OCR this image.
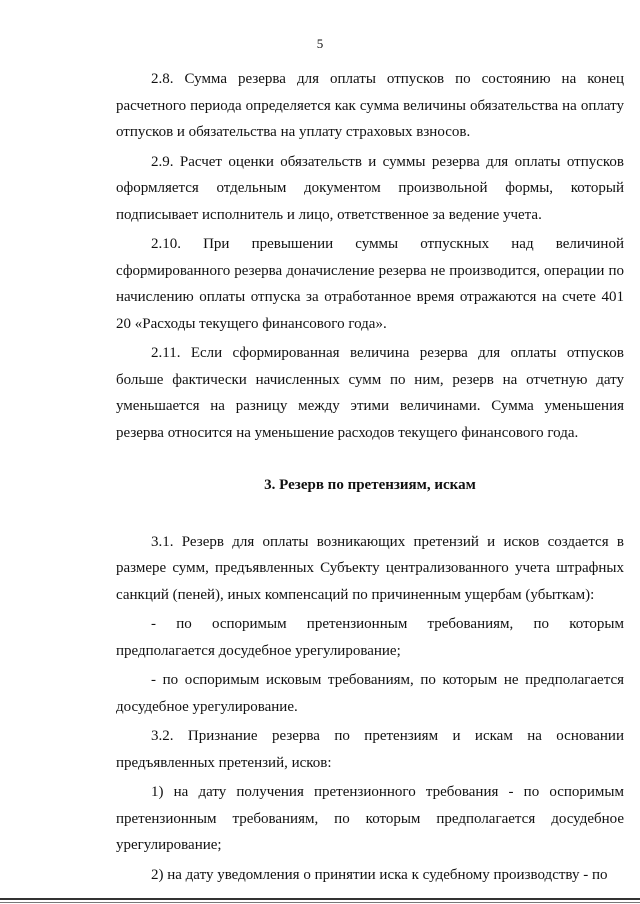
5

2.8. Сумма резерва для оплаты отпусков по состоянию на конец расчетного периода определяется как сумма величины обязательства на оплату отпусков и обязательства на уплату страховых взносов.

2.9. Расчет оценки обязательств и суммы резерва для оплаты отпусков оформляется отдельным документом произвольной формы, который подписывает исполнитель и лицо, ответственное за ведение учета.

2.10. При превышении суммы отпускных над величиной сформированного резерва доначисление резерва не производится, операции по начислению оплаты отпуска за отработанное время отражаются на счете 401 20 «Расходы текущего финансового года».

2.11. Если сформированная величина резерва для оплаты отпусков больше фактически начисленных сумм по ним, резерв на отчетную дату уменьшается на разницу между этими величинами. Сумма уменьшения резерва относится на уменьшение расходов текущего финансового года.

3. Резерв по претензиям, искам

3.1. Резерв для оплаты возникающих претензий и исков создается в размере сумм, предъявленных Субъекту централизованного учета штрафных санкций (пеней), иных компенсаций по причиненным ущербам (убыткам):

- по оспоримым претензионным требованиям, по которым предполагается досудебное урегулирование;

- по оспоримым исковым требованиям, по которым не предполагается досудебное урегулирование.

3.2. Признание резерва по претензиям и искам на основании предъявленных претензий, исков:

1) на дату получения претензионного требования - по оспоримым претензионным требованиям, по которым предполагается досудебное урегулирование;

2) на дату уведомления о принятии иска к судебному производству - по
